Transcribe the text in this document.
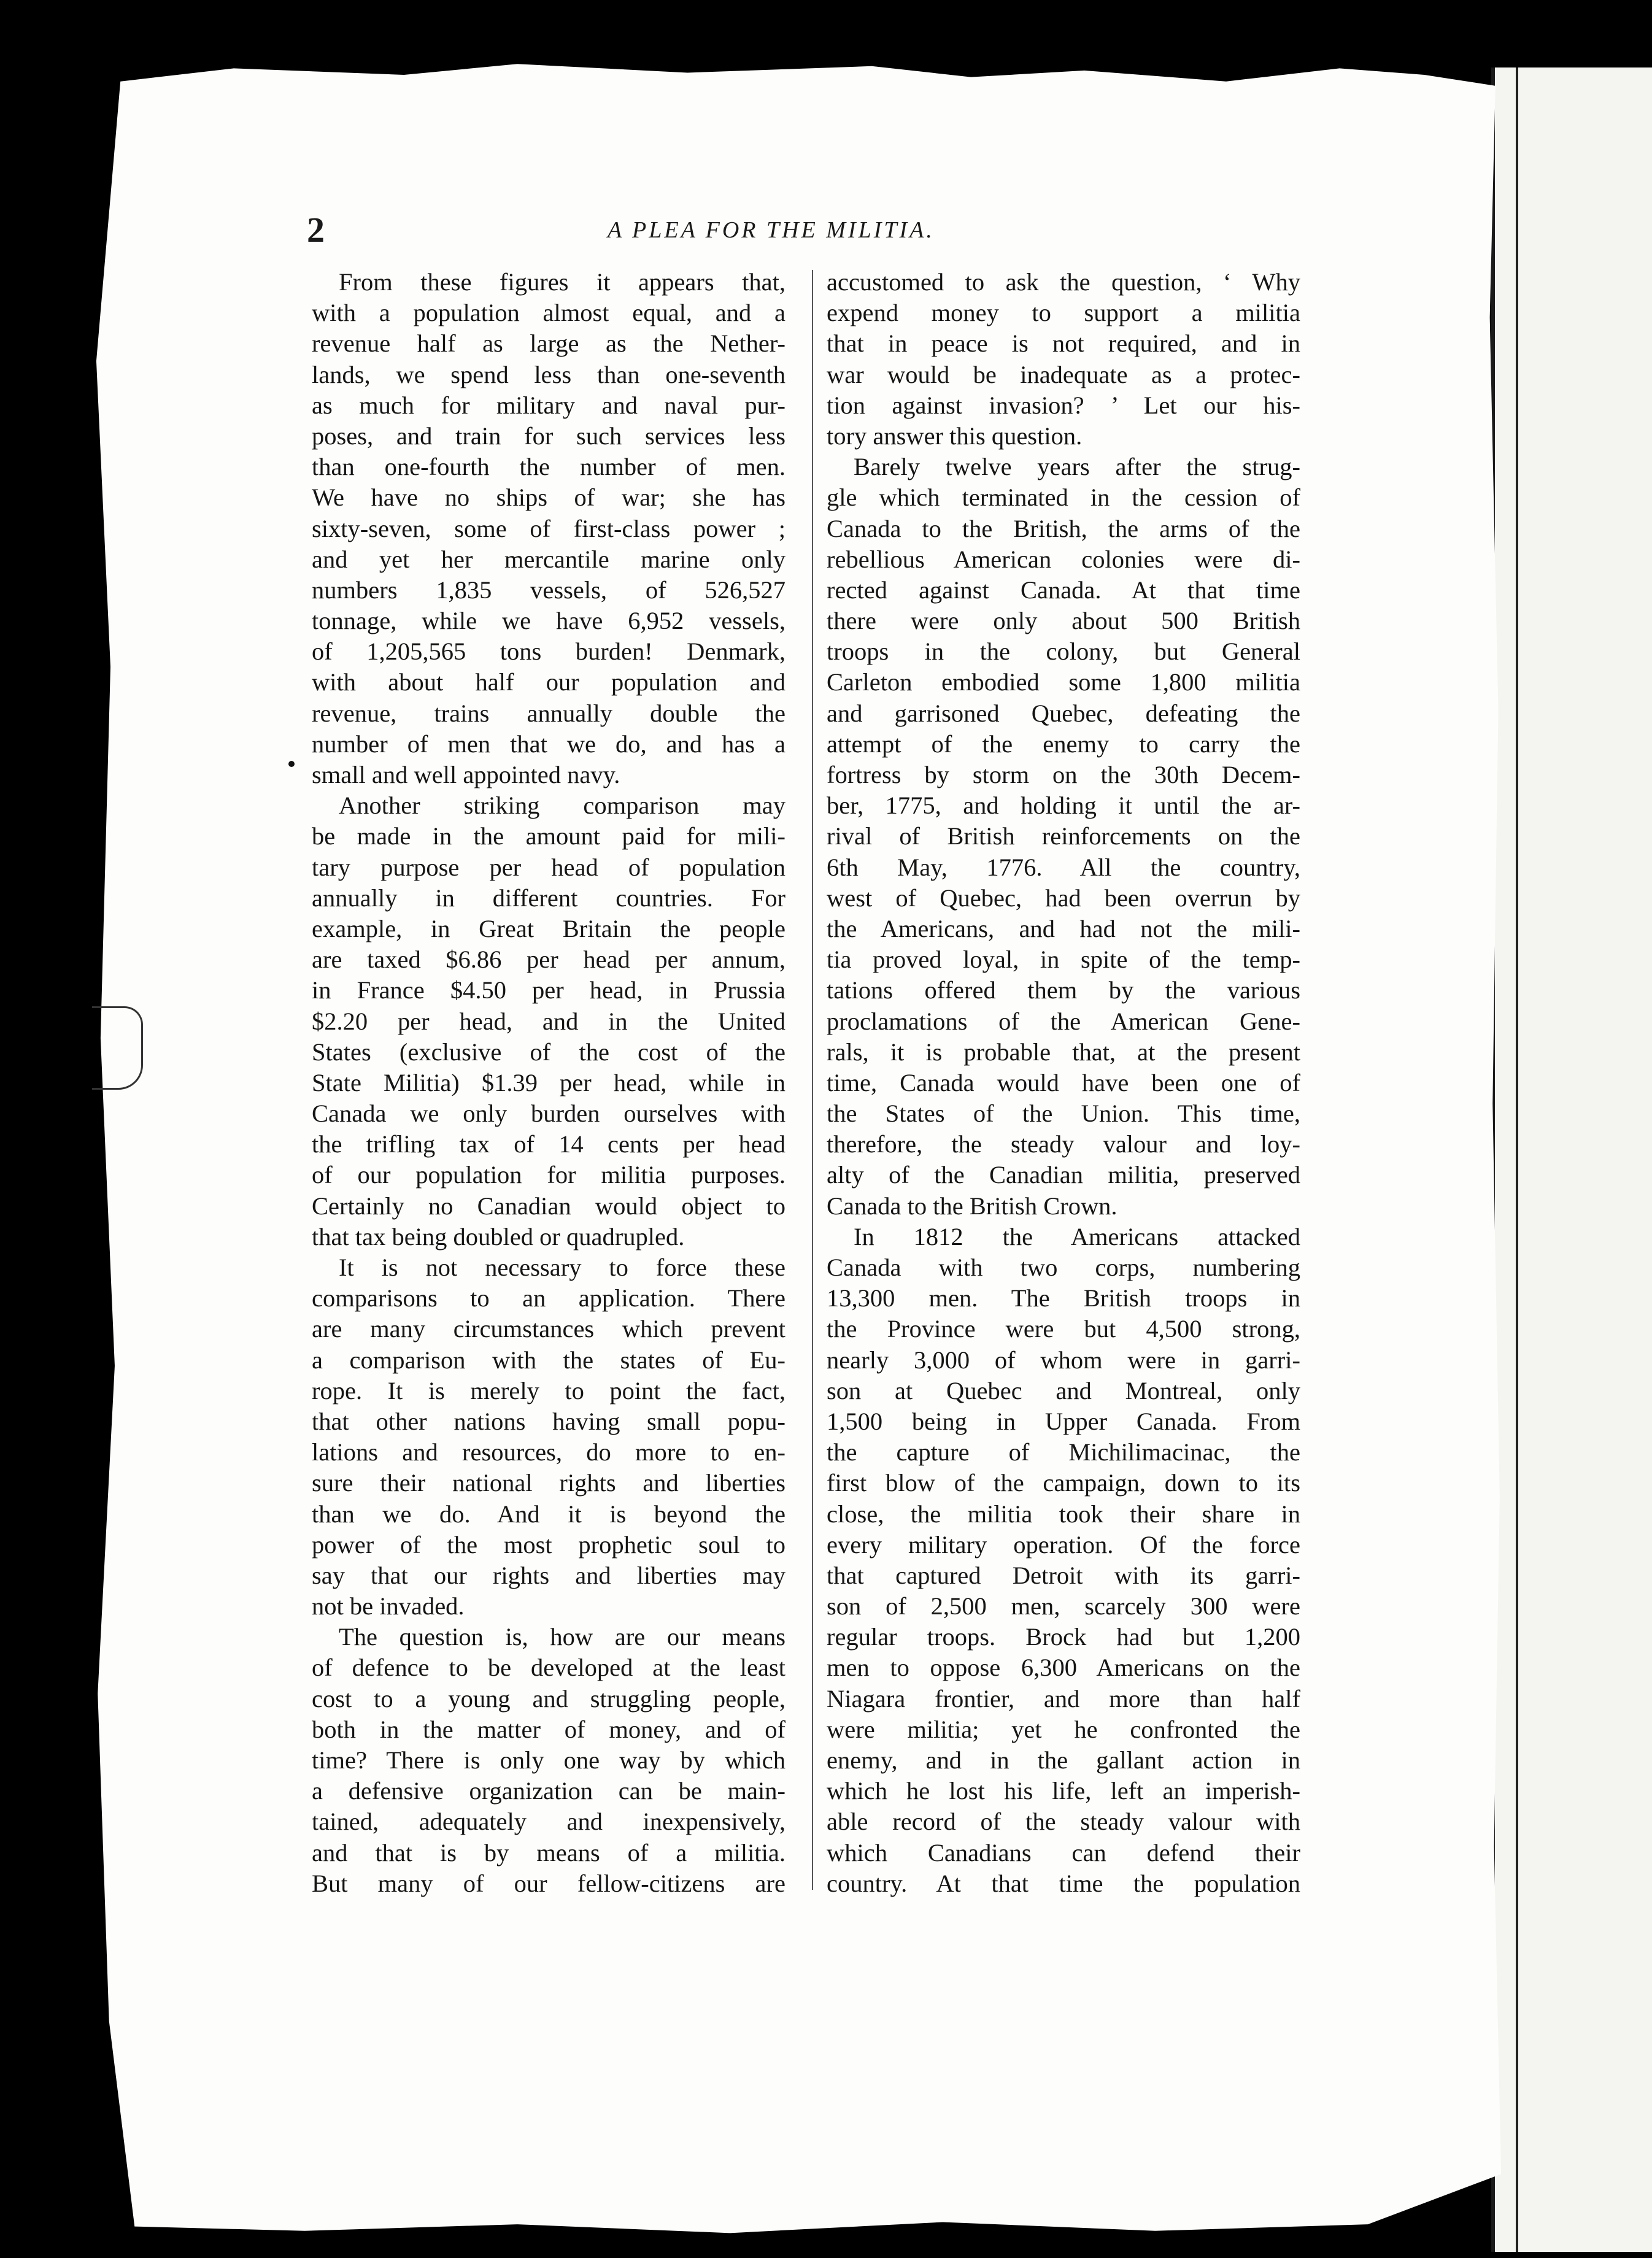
2	A PLEA FOR THE MILITIA.
From these figures it appears that,
with a population almost equal, and a
revenue half as large as the Nether-
lands, we spend less than one-seventh
as much for military and naval pur-
poses, and train for such services less
than one-fourth the number of men.
We have no ships of war; she has
sixty-seven, some of first-class power ;
and yet her mercantile marine only
numbers 1,835 vessels, of 526,527
tonnage, while we have 6,952 vessels,
of 1,205,565 tons burden! Denmark,
with about half our population and
revenue, trains annually double the
number of men that we do, and has a
small and well appointed navy.
Another striking comparison may
be made in the amount paid for mili-
tary purpose per head of population
annually in different countries. For
example, in Great Britain the people
are taxed $6.86 per head per annum,
in France $4.50 per head, in Prussia
$2.20 per head, and in the United
States (exclusive of the cost of the
State Militia) $1.39 per head, while in
Canada we only burden ourselves with
the trifling tax of 14 cents per head
of our population for militia purposes.
Certainly no Canadian would object to
that tax being doubled or quadrupled.
It is not necessary to force these
comparisons to an application. There
are many circumstances which prevent
a comparison with the states of Eu-
rope. It is merely to point the fact,
that other nations having small popu-
lations and resources, do more to en-
sure their national rights and liberties
than we do. And it is beyond the
power of the most prophetic soul to
say that our rights and liberties may
not be invaded.
The question is, how are our means
of defence to be developed at the least
cost to a young and struggling people,
both in the matter of money, and of
time? There is only one way by which
a defensive organization can be main-
tained, adequately and inexpensively,
and that is by means of a militia.
But many of our fellow-citizens are
accustomed to ask the question, ‘ Why
expend money to support a militia
that in peace is not required, and in
war would be inadequate as a protec-
tion against invasion? ’ Let our his-
tory answer this question.
Barely twelve years after the strug-
gle which terminated in the cession of
Canada to the British, the arms of the
rebellious American colonies were di-
rected against Canada. At that time
there were only about 500 British
troops in the colony, but General
Carleton embodied some 1,800 militia
and garrisoned Quebec, defeating the
attempt of the enemy to carry the
fortress by storm on the 30th Decem-
ber, 1775, and holding it until the ar-
rival of British reinforcements on the
6th May, 1776. All the country,
west of Quebec, had been overrun by
the Americans, and had not the mili-
tia proved loyal, in spite of the temp-
tations offered them by the various
proclamations of the American Gene-
rals, it is probable that, at the present
time, Canada would have been one of
the States of the Union. This time,
therefore, the steady valour and loy-
alty of the Canadian militia, preserved
Canada to the British Crown.
In 1812 the Americans attacked
Canada with two corps, numbering
13,300 men. The British troops in
the Province were but 4,500 strong,
nearly 3,000 of whom were in garri-
son at Quebec and Montreal, only
1,500 being in Upper Canada. From
the capture of Michilimacinac, the
first blow of the campaign, down to its
close, the militia took their share in
every military operation. Of the force
that captured Detroit with its garri-
son of 2,500 men, scarcely 300 were
regular troops. Brock had but 1,200
men to oppose 6,300 Americans on the
Niagara frontier, and more than half
were militia; yet he confronted the
enemy, and in the gallant action in
which he lost his life, left an imperish-
able record of the steady valour with
which Canadians can defend their
country. At that time the population
